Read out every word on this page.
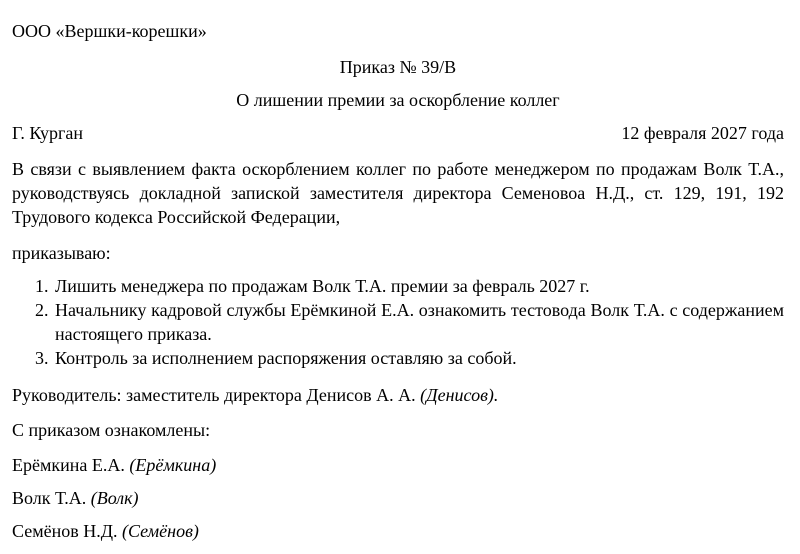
ООО «Вершки-корешки»
Приказ № 39/В
О лишении премии за оскорбление коллег
Г. Курган	12 февраля 2027 года
В связи с выявлением факта оскорблением коллег по работе менеджером по продажам Волк Т.А., руководствуясь докладной запиской заместителя директора Семеновоа Н.Д., ст. 129, 191, 192 Трудового кодекса Российской Федерации,
приказываю:
1. Лишить менеджера по продажам Волк Т.А. премии за февраль 2027 г.
2. Начальнику кадровой службы Ерёмкиной Е.А. ознакомить тестовода Волк Т.А. с содержанием настоящего приказа.
3. Контроль за исполнением распоряжения оставляю за собой.
Руководитель: заместитель директора Денисов А. А. (Денисов).
С приказом ознакомлены:
Ерёмкина Е.А. (Ерёмкина)
Волк Т.А. (Волк)
Семёнов Н.Д. (Семёнов)
